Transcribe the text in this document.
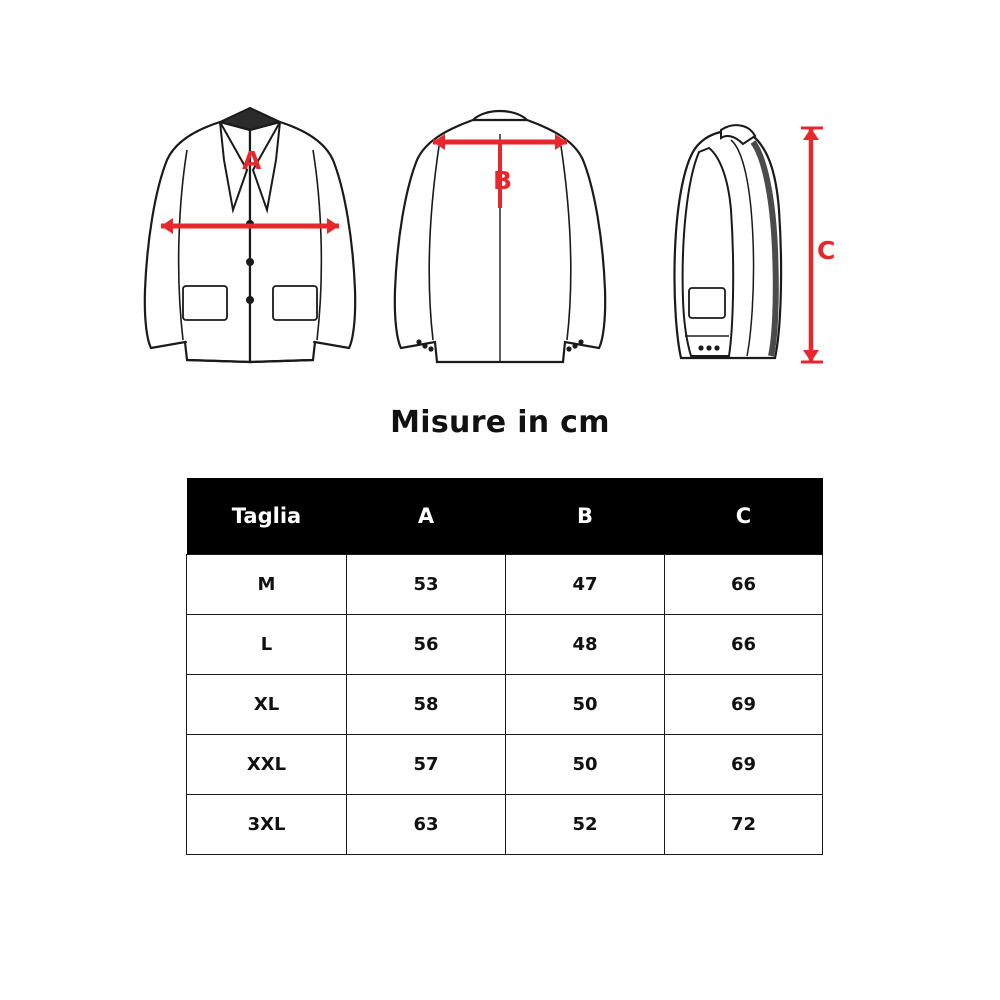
A
B
C
Misure in cm
Taglia	A	B	C
M	53	47	66
L	56	48	66
XL	58	50	69
XXL	57	50	69
3XL	63	52	72
